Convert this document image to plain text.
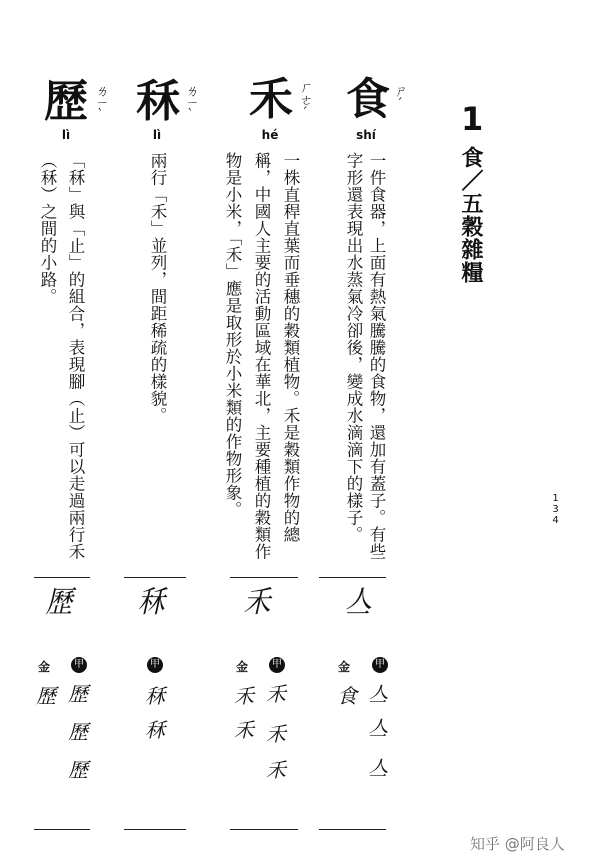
1
食／五穀雜糧
134
食 ㄕˊ
shí
一件食器，上面有熱氣騰騰的食物，還加有蓋子。有些
字形還表現出水蒸氣冷卻後，變成水滴滴下的樣子。
亼
甲
金
食 亼
亼
亼
禾 ㄏㄜˊ
hé
一株直稈直葉而垂穗的穀類植物。禾是穀類作物的總
稱，中國人主要的活動區域在華北，主要種植的穀類作
物是小米，「禾」應是取形於小米類的作物形象。
禾
甲
金
禾
禾
禾
禾
禾
秝 ㄌㄧˋ
lì
兩行「禾」並列，間距稀疏的樣貌。
秝
甲
秝
秝
歷 ㄌㄧˋ
lì
「秝」與「止」的組合，表現腳（止）可以走過兩行禾
（秝）之間的小路。
歷
甲
金
歷 歷
歷
歷
知乎 @阿良人
